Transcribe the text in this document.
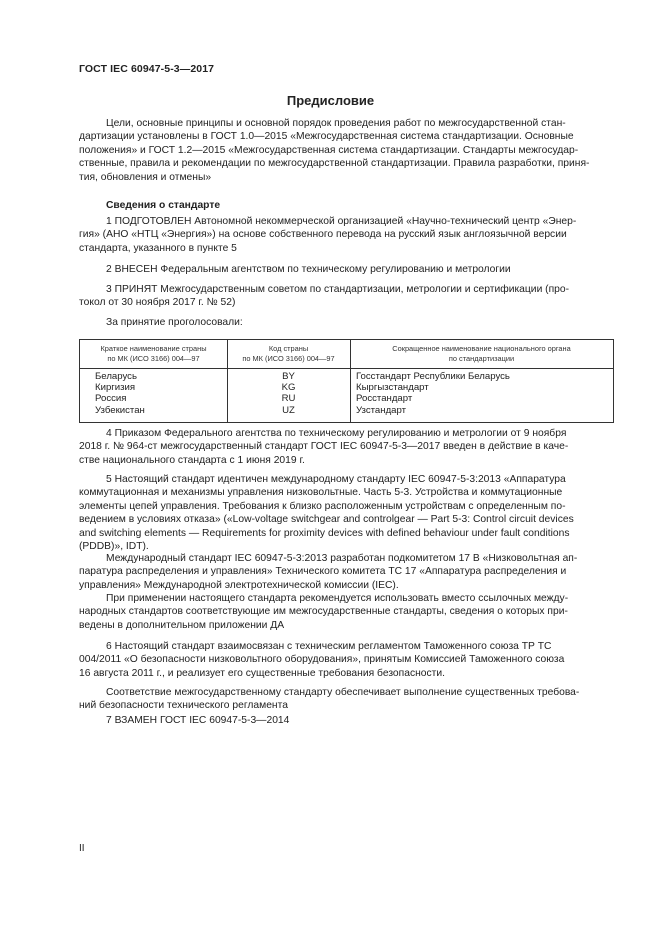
ГОСТ IEC 60947-5-3—2017
Предисловие
Цели, основные принципы и основной порядок проведения работ по межгосударственной стан-
дартизации установлены в ГОСТ 1.0—2015 «Межгосударственная система стандартизации. Основные
положения» и ГОСТ 1.2—2015 «Межгосударственная система стандартизации. Стандарты межгосудар-
ственные, правила и рекомендации по межгосударственной стандартизации. Правила разработки, приня-
тия, обновления и отмены»
Сведения о стандарте
1 ПОДГОТОВЛЕН Автономной некоммерческой организацией «Научно-технический центр «Энер-
гия» (АНО «НТЦ «Энергия») на основе собственного перевода на русский язык англоязычной версии
стандарта, указанного в пункте 5
2 ВНЕСЕН Федеральным агентством по техническому регулированию и метрологии
3 ПРИНЯТ Межгосударственным советом по стандартизации, метрологии и сертификации (про-
токол от 30 ноября 2017 г. № 52)
За принятие проголосовали:
Краткое наименование страны
по МК (ИСО 3166) 004—97
Код страны
по МК (ИСО 3166) 004—97
Сокращенное наименование национального органа
по стандартизации
Беларусь
Киргизия
Россия
Узбекистан
BY
KG
RU
UZ
Госстандарт Республики Беларусь
Кыргызстандарт
Росстандарт
Узстандарт
4 Приказом Федерального агентства по техническому регулированию и метрологии от 9 ноября
2018 г. № 964-ст межгосударственный стандарт ГОСТ IEC 60947-5-3—2017 введен в действие в каче-
стве национального стандарта с 1 июня 2019 г.
5 Настоящий стандарт идентичен международному стандарту IEC 60947-5-3:2013 «Аппаратура
коммутационная и механизмы управления низковольтные. Часть 5-3. Устройства и коммутационные
элементы цепей управления. Требования к близко расположенным устройствам с определенным по-
ведением в условиях отказа» («Low-voltage switchgear and controlgear — Part 5-3: Control circuit devices
and switching elements — Requirements for proximity devices with defined behaviour under fault conditions
(PDDB)», IDT).
Международный стандарт IEC 60947-5-3:2013 разработан подкомитетом 17 В «Низковольтная ап-
паратура распределения и управления» Технического комитета ТС 17 «Аппаратура распределения и
управления» Международной электротехнической комиссии (IEC).
При применении настоящего стандарта рекомендуется использовать вместо ссылочных между-
народных стандартов соответствующие им межгосударственные стандарты, сведения о которых при-
ведены в дополнительном приложении ДА
6 Настоящий стандарт взаимосвязан с техническим регламентом Таможенного союза ТР ТС
004/2011 «О безопасности низковольтного оборудования», принятым Комиссией Таможенного союза
16 августа 2011 г., и реализует его существенные требования безопасности.
Соответствие межгосударственному стандарту обеспечивает выполнение существенных требова-
ний безопасности технического регламента
7 ВЗАМЕН ГОСТ IEC 60947-5-3—2014
II
